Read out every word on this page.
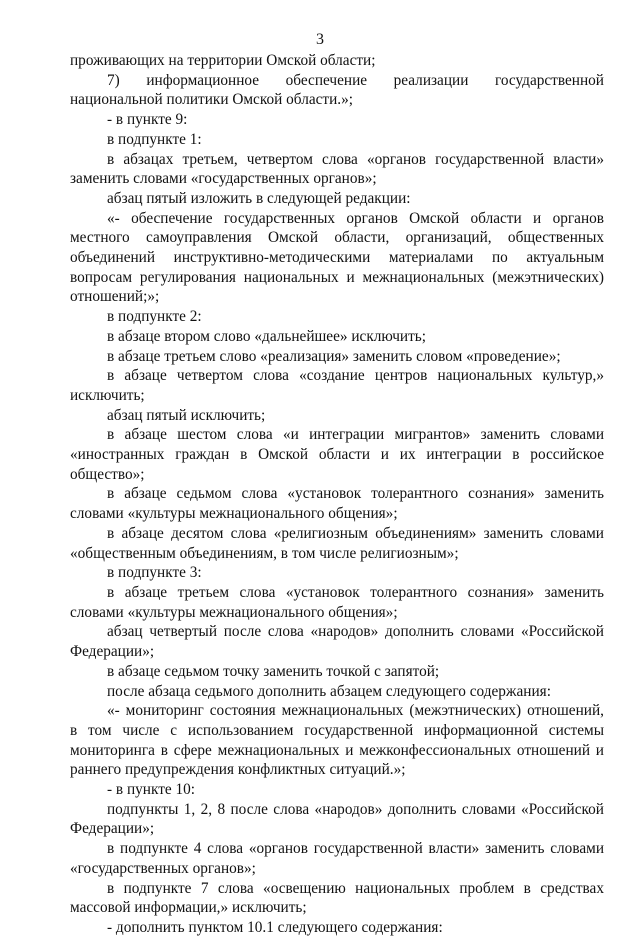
3

проживающих на территории Омской области;

7) информационное обеспечение реализации государственной национальной политики Омской области.»;

- в пункте 9:

в подпункте 1:

в абзацах третьем, четвертом слова «органов государственной власти» заменить словами «государственных органов»;

абзац пятый изложить в следующей редакции:

«- обеспечение государственных органов Омской области и органов местного самоуправления Омской области, организаций, общественных объединений инструктивно-методическими материалами по актуальным вопросам регулирования национальных и межнациональных (межэтнических) отношений;»;

в подпункте 2:

в абзаце втором слово «дальнейшее» исключить;

в абзаце третьем слово «реализация» заменить словом «проведение»;

в абзаце четвертом слова «создание центров национальных культур,» исключить;

абзац пятый исключить;

в абзаце шестом слова «и интеграции мигрантов» заменить словами «иностранных граждан в Омской области и их интеграции в российское общество»;

в абзаце седьмом слова «установок толерантного сознания» заменить словами «культуры межнационального общения»;

в абзаце десятом слова «религиозным объединениям» заменить словами «общественным объединениям, в том числе религиозным»;

в подпункте 3:

в абзаце третьем слова «установок толерантного сознания» заменить словами «культуры межнационального общения»;

абзац четвертый после слова «народов» дополнить словами «Российской Федерации»;

в абзаце седьмом точку заменить точкой с запятой;

после абзаца седьмого дополнить абзацем следующего содержания:

«- мониторинг состояния межнациональных (межэтнических) отношений, в том числе с использованием государственной информационной системы мониторинга в сфере межнациональных и межконфессиональных отношений и раннего предупреждения конфликтных ситуаций.»;

- в пункте 10:

подпункты 1, 2, 8 после слова «народов» дополнить словами «Российской Федерации»;

в подпункте 4 слова «органов государственной власти» заменить словами «государственных органов»;

в подпункте 7 слова «освещению национальных проблем в средствах массовой информации,» исключить;

- дополнить пунктом 10.1 следующего содержания:
